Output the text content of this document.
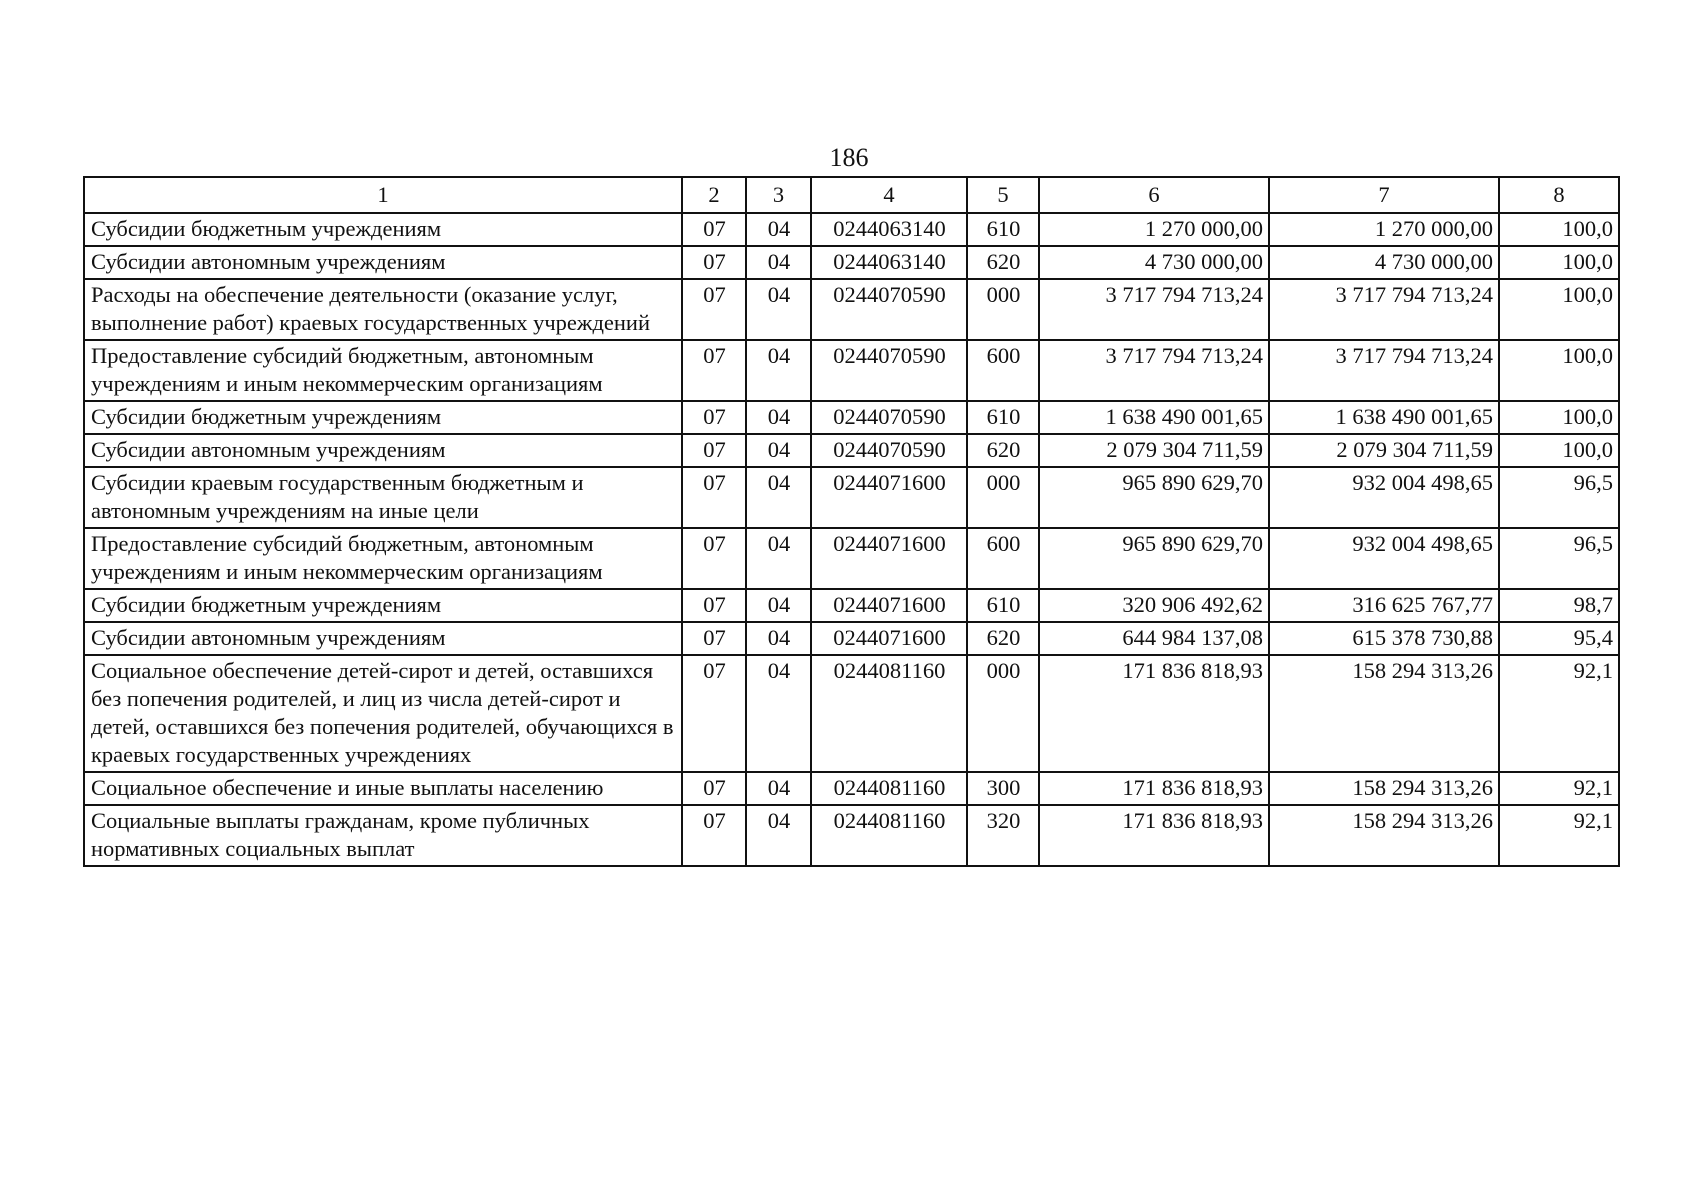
186
1	2	3	4	5	6	7	8
Субсидии бюджетным учреждениям	07	04	0244063140	610	1 270 000,00	1 270 000,00	100,0
Субсидии автономным учреждениям	07	04	0244063140	620	4 730 000,00	4 730 000,00	100,0
Расходы на обеспечение деятельности (оказание услуг, выполнение работ) краевых государственных учреждений	07	04	0244070590	000	3 717 794 713,24	3 717 794 713,24	100,0
Предоставление субсидий бюджетным, автономным учреждениям и иным некоммерческим организациям	07	04	0244070590	600	3 717 794 713,24	3 717 794 713,24	100,0
Субсидии бюджетным учреждениям	07	04	0244070590	610	1 638 490 001,65	1 638 490 001,65	100,0
Субсидии автономным учреждениям	07	04	0244070590	620	2 079 304 711,59	2 079 304 711,59	100,0
Субсидии краевым государственным бюджетным и автономным учреждениям на иные цели	07	04	0244071600	000	965 890 629,70	932 004 498,65	96,5
Предоставление субсидий бюджетным, автономным учреждениям и иным некоммерческим организациям	07	04	0244071600	600	965 890 629,70	932 004 498,65	96,5
Субсидии бюджетным учреждениям	07	04	0244071600	610	320 906 492,62	316 625 767,77	98,7
Субсидии автономным учреждениям	07	04	0244071600	620	644 984 137,08	615 378 730,88	95,4
Социальное обеспечение детей-сирот и детей, оставшихся без попечения родителей, и лиц из числа детей-сирот и детей, оставшихся без попечения родителей, обучающихся в краевых государственных учреждениях	07	04	0244081160	000	171 836 818,93	158 294 313,26	92,1
Социальное обеспечение и иные выплаты населению	07	04	0244081160	300	171 836 818,93	158 294 313,26	92,1
Социальные выплаты гражданам, кроме публичных нормативных социальных выплат	07	04	0244081160	320	171 836 818,93	158 294 313,26	92,1
